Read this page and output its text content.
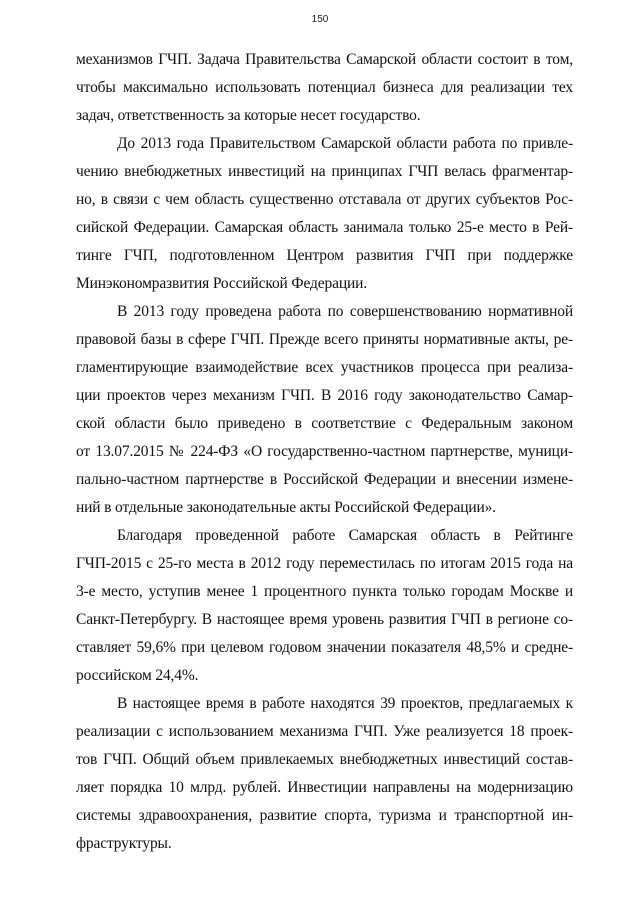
150
механизмов ГЧП. Задача Правительства Самарской области состоит в том,
чтобы максимально использовать потенциал бизнеса для реализации тех
задач, ответственность за которые несет государство.
До 2013 года Правительством Самарской области работа по привле-
чению внебюджетных инвестиций на принципах ГЧП велась фрагментар-
но, в связи с чем область существенно отставала от других субъектов Рос-
сийской Федерации. Самарская область занимала только 25-е место в Рей-
тинге ГЧП, подготовленном Центром развития ГЧП при поддержке
Минэкономразвития Российской Федерации.
В 2013 году проведена работа по совершенствованию нормативной
правовой базы в сфере ГЧП. Прежде всего приняты нормативные акты, ре-
гламентирующие взаимодействие всех участников процесса при реализа-
ции проектов через механизм ГЧП. В 2016 году законодательство Самар-
ской области было приведено в соответствие с Федеральным законом
от 13.07.2015 № 224-ФЗ «О государственно-частном партнерстве, муници-
пально-частном партнерстве в Российской Федерации и внесении измене-
ний в отдельные законодательные акты Российской Федерации».
Благодаря проведенной работе Самарская область в Рейтинге
ГЧП-2015 с 25-го места в 2012 году переместилась по итогам 2015 года на
3-е место, уступив менее 1 процентного пункта только городам Москве и
Санкт-Петербургу. В настоящее время уровень развития ГЧП в регионе со-
ставляет 59,6% при целевом годовом значении показателя 48,5% и средне-
российском 24,4%.
В настоящее время в работе находятся 39 проектов, предлагаемых к
реализации с использованием механизма ГЧП. Уже реализуется 18 проек-
тов ГЧП. Общий объем привлекаемых внебюджетных инвестиций состав-
ляет порядка 10 млрд. рублей. Инвестиции направлены на модернизацию
системы здравоохранения, развитие спорта, туризма и транспортной ин-
фраструктуры.
